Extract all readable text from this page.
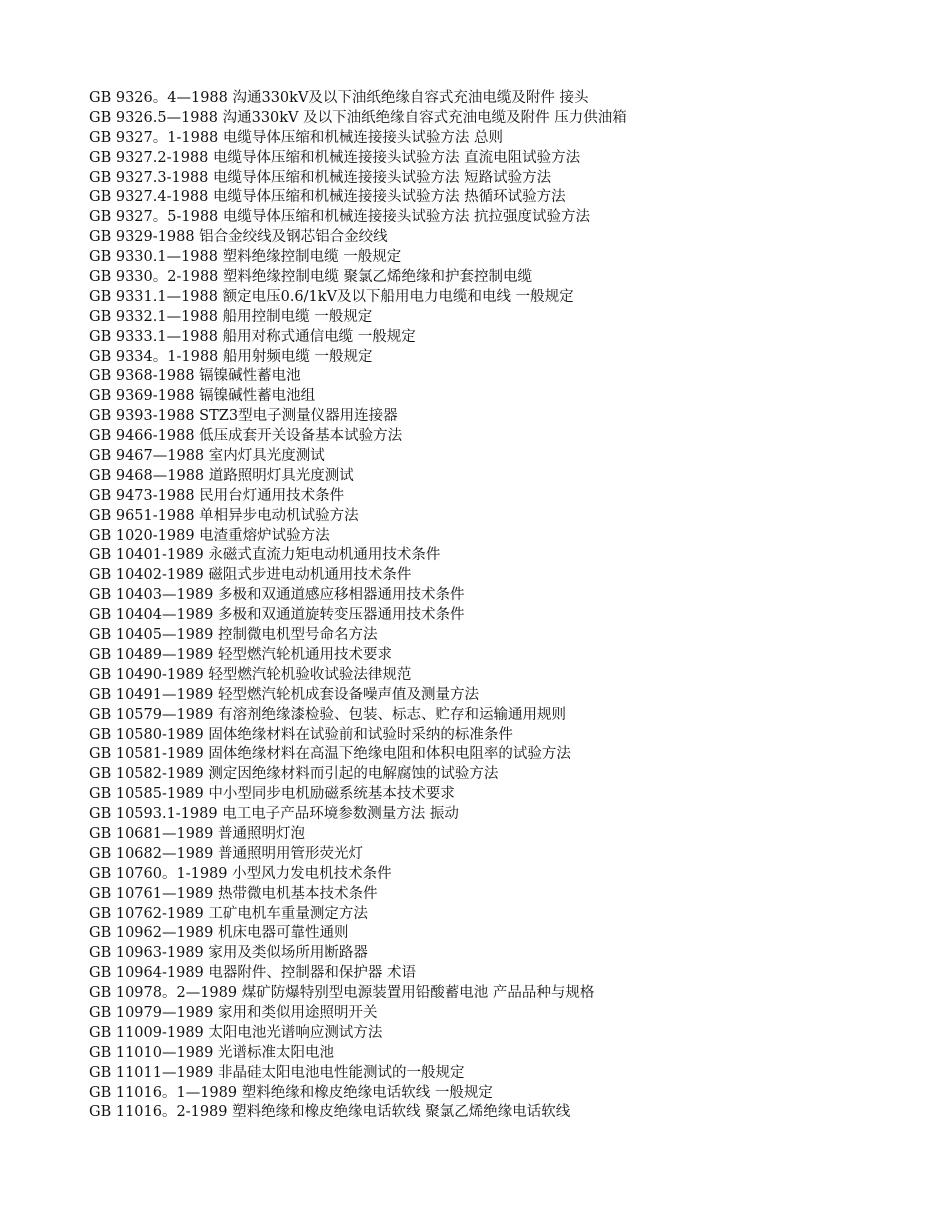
GB 9326。4—1988 沟通330kV及以下油纸绝缘自容式充油电缆及附件 接头
GB 9326.5—1988 沟通330kV 及以下油纸绝缘自容式充油电缆及附件 压力供油箱
GB 9327。1-1988 电缆导体压缩和机械连接接头试验方法 总则
GB 9327.2-1988 电缆导体压缩和机械连接接头试验方法 直流电阻试验方法
GB 9327.3-1988 电缆导体压缩和机械连接接头试验方法 短路试验方法
GB 9327.4-1988 电缆导体压缩和机械连接接头试验方法 热循环试验方法
GB 9327。5-1988 电缆导体压缩和机械连接接头试验方法 抗拉强度试验方法
GB 9329-1988 铝合金绞线及钢芯铝合金绞线
GB 9330.1—1988 塑料绝缘控制电缆 一般规定
GB 9330。2-1988 塑料绝缘控制电缆 聚氯乙烯绝缘和护套控制电缆
GB 9331.1—1988 额定电压0.6/1kV及以下船用电力电缆和电线 一般规定
GB 9332.1—1988 船用控制电缆 一般规定
GB 9333.1—1988 船用对称式通信电缆 一般规定
GB 9334。1-1988 船用射频电缆 一般规定
GB 9368-1988 镉镍碱性蓄电池
GB 9369-1988 镉镍碱性蓄电池组
GB 9393-1988 STZ3型电子测量仪器用连接器
GB 9466-1988 低压成套开关设备基本试验方法
GB 9467—1988 室内灯具光度测试
GB 9468—1988 道路照明灯具光度测试
GB 9473-1988 民用台灯通用技术条件
GB 9651-1988 单相异步电动机试验方法
GB 1020-1989 电渣重熔炉试验方法
GB 10401-1989 永磁式直流力矩电动机通用技术条件
GB 10402-1989 磁阻式步进电动机通用技术条件
GB 10403—1989 多极和双通道感应移相器通用技术条件
GB 10404—1989 多极和双通道旋转变压器通用技术条件
GB 10405—1989 控制微电机型号命名方法
GB 10489—1989 轻型燃汽轮机通用技术要求
GB 10490-1989 轻型燃汽轮机验收试验法律规范
GB 10491—1989 轻型燃汽轮机成套设备噪声值及测量方法
GB 10579—1989 有溶剂绝缘漆检验、包装、标志、贮存和运输通用规则
GB 10580-1989 固体绝缘材料在试验前和试验时采纳的标准条件
GB 10581-1989 固体绝缘材料在高温下绝缘电阻和体积电阻率的试验方法
GB 10582-1989 测定因绝缘材料而引起的电解腐蚀的试验方法
GB 10585-1989 中小型同步电机励磁系统基本技术要求
GB 10593.1-1989 电工电子产品环境参数测量方法 振动
GB 10681—1989 普通照明灯泡
GB 10682—1989 普通照明用管形荧光灯
GB 10760。1-1989 小型风力发电机技术条件
GB 10761—1989 热带微电机基本技术条件
GB 10762-1989 工矿电机车重量测定方法
GB 10962—1989 机床电器可靠性通则
GB 10963-1989 家用及类似场所用断路器
GB 10964-1989 电器附件、控制器和保护器 术语
GB 10978。2—1989 煤矿防爆特别型电源装置用铅酸蓄电池 产品品种与规格
GB 10979—1989 家用和类似用途照明开关
GB 11009-1989 太阳电池光谱响应测试方法
GB 11010—1989 光谱标准太阳电池
GB 11011—1989 非晶硅太阳电池电性能测试的一般规定
GB 11016。1—1989 塑料绝缘和橡皮绝缘电话软线 一般规定
GB 11016。2-1989 塑料绝缘和橡皮绝缘电话软线 聚氯乙烯绝缘电话软线
